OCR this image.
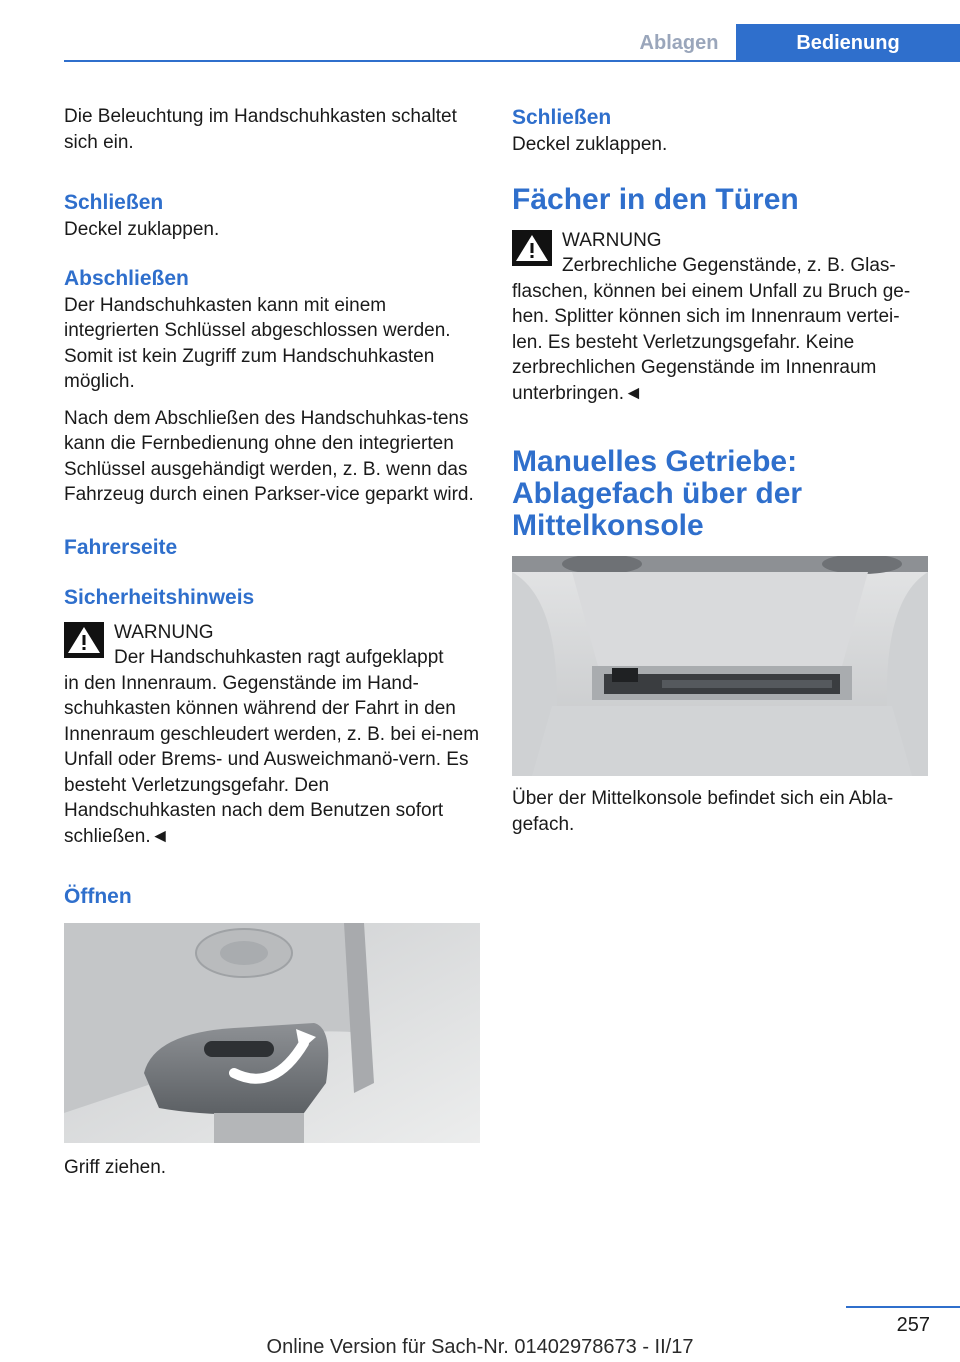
Ablagen	Bedienung

Die Beleuchtung im Handschuhkasten schaltet sich ein.

Schließen

Deckel zuklappen.

Abschließen

Der Handschuhkasten kann mit einem integrierten Schlüssel abgeschlossen werden. Somit ist kein Zugriff zum Handschuhkasten möglich.

Nach dem Abschließen des Handschuhkas-tens kann die Fernbedienung ohne den integrierten Schlüssel ausgehändigt werden, z. B. wenn das Fahrzeug durch einen Parkser-vice geparkt wird.

Fahrerseite
Sicherheitshinweis
WARNUNG
Der Handschuhkasten ragt aufgeklappt

in den Innenraum. Gegenstände im Hand-schuhkasten können während der Fahrt in den Innenraum geschleudert werden, z. B. bei ei-nem Unfall oder Brems- und Ausweichmanö-vern. Es besteht Verletzungsgefahr. Den Handschuhkasten nach dem Benutzen sofort schließen.◄

Öffnen

Griff ziehen.

Schließen

Deckel zuklappen.

Fächer in den Türen
WARNUNG
Zerbrechliche Gegenstände, z. B. Glas-

flaschen, können bei einem Unfall zu Bruch ge-hen. Splitter können sich im Innenraum vertei-len. Es besteht Verletzungsgefahr. Keine zerbrechlichen Gegenstände im Innenraum unterbringen.◄

Manuelles Getriebe:
Ablagefach über der
Mittelkonsole

Über der Mittelkonsole befindet sich ein Abla-gefach.

257
Online Version für Sach-Nr. 01402978673 - II/17
